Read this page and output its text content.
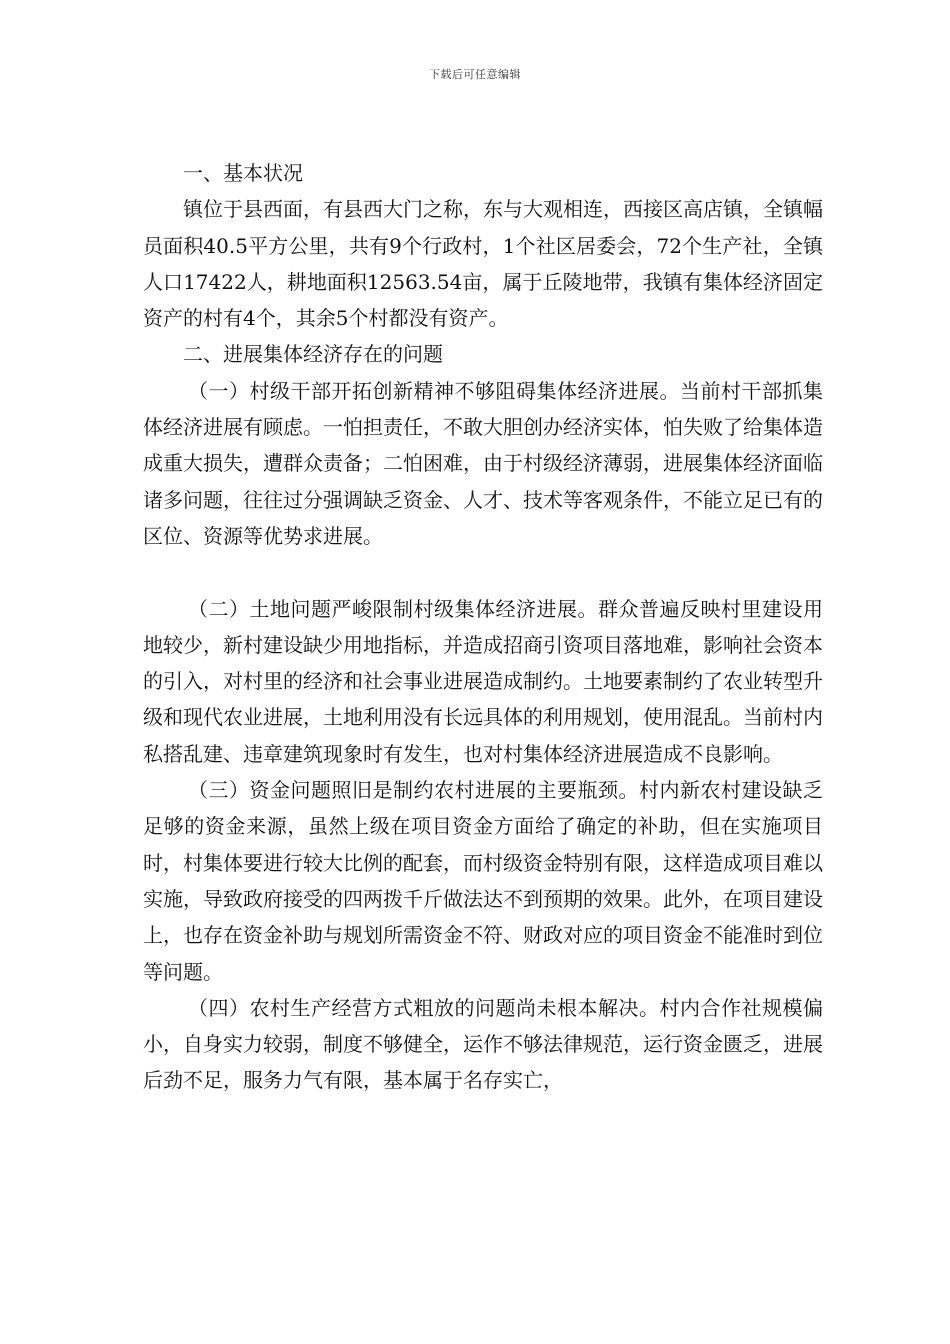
下载后可任意编辑

一、基本状况

镇位于县西面，有县西大门之称，东与大观相连，西接区高店镇，全镇幅员面积40.5平方公里，共有9个行政村，1个社区居委会，72个生产社，全镇人口17422人，耕地面积12563.54亩，属于丘陵地带，我镇有集体经济固定资产的村有4个，其余5个村都没有资产。

二、进展集体经济存在的问题

（一）村级干部开拓创新精神不够阻碍集体经济进展。当前村干部抓集体经济进展有顾虑。一怕担责任，不敢大胆创办经济实体，怕失败了给集体造成重大损失，遭群众责备；二怕困难，由于村级经济薄弱，进展集体经济面临诸多问题，往往过分强调缺乏资金、人才、技术等客观条件，不能立足已有的区位、资源等优势求进展。

（二）土地问题严峻限制村级集体经济进展。群众普遍反映村里建设用地较少，新村建设缺少用地指标，并造成招商引资项目落地难，影响社会资本的引入，对村里的经济和社会事业进展造成制约。土地要素制约了农业转型升级和现代农业进展，土地利用没有长远具体的利用规划，使用混乱。当前村内私搭乱建、违章建筑现象时有发生，也对村集体经济进展造成不良影响。

（三）资金问题照旧是制约农村进展的主要瓶颈。村内新农村建设缺乏足够的资金来源，虽然上级在项目资金方面给了确定的补助，但在实施项目时，村集体要进行较大比例的配套，而村级资金特别有限，这样造成项目难以实施，导致政府接受的四两拨千斤做法达不到预期的效果。此外，在项目建设上，也存在资金补助与规划所需资金不符、财政对应的项目资金不能准时到位等问题。

（四）农村生产经营方式粗放的问题尚未根本解决。村内合作社规模偏小，自身实力较弱，制度不够健全，运作不够法律规范，运行资金匮乏，进展后劲不足，服务力气有限，基本属于名存实亡，
